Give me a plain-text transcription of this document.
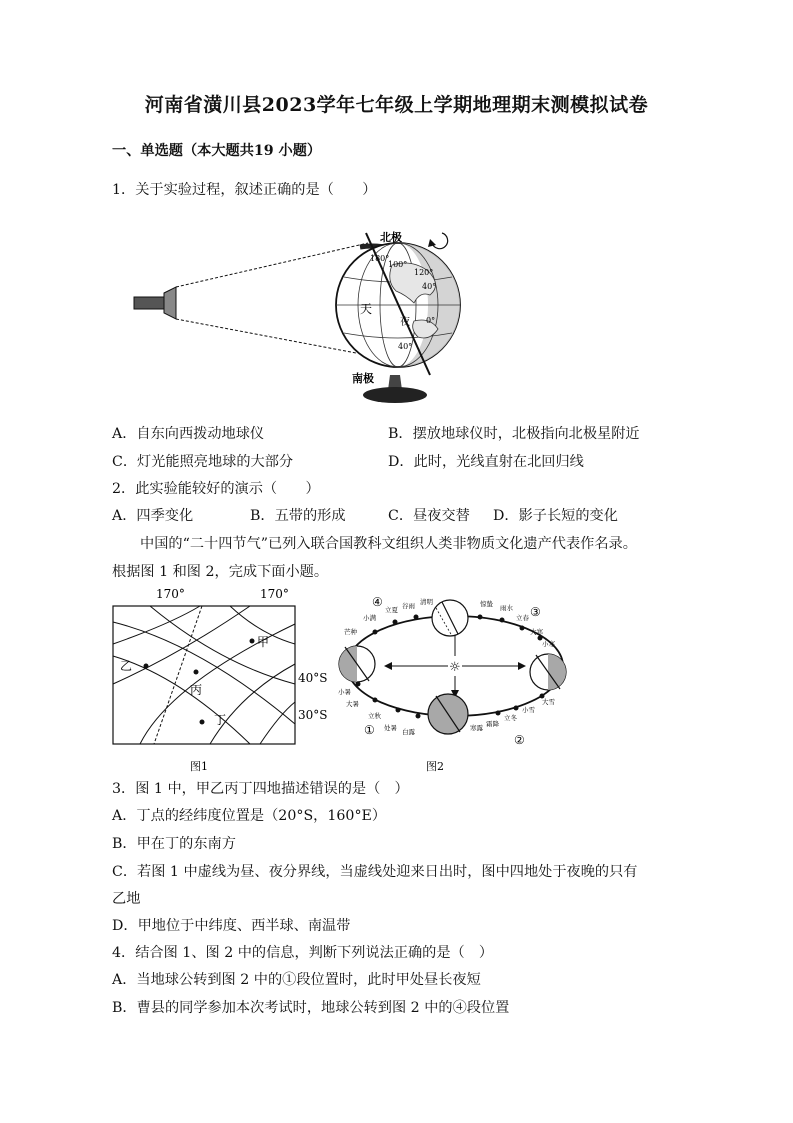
河南省潢川县2023学年七年级上学期地理期末测模拟试卷
一、单选题（本大题共19 小题）
1．关于实验过程，叙述正确的是（　　）
北极
南极
180°
100°
120°
40°
0°
40°
天
夜
A．自东向西拨动地球仪	B．摆放地球仪时，北极指向北极星附近
C．灯光能照亮地球的大部分	D．此时，光线直射在北回归线
2．此实验能较好的演示（　　）
A．四季变化	B．五带的形成	C．昼夜交替 D．影子长短的变化
中国的“二十四节气”已列入联合国教科文组织人类非物质文化遗产代表作名录。
根据图 1 和图 2，完成下面小题。
170°	170°
甲
乙
丙
丁
40°S
30°S
图1
☼
④
③
①
②
小满
立夏 谷雨 清明	惊蛰 雨水
立春
大寒
小寒
芒种
小暑
大暑
立秋
处暑 白露	寒露 霜降
立冬
小雪
大雪
图2
3．图 1 中，甲乙丙丁四地描述错误的是（　）
A．丁点的经纬度位置是（20°S，160°E）
B．甲在丁的东南方
C．若图 1 中虚线为昼、夜分界线，当虚线处迎来日出时，图中四地处于夜晚的只有
乙地
D．甲地位于中纬度、西半球、南温带
4．结合图 1、图 2 中的信息，判断下列说法正确的是（　）
A．当地球公转到图 2 中的①段位置时，此时甲处昼长夜短
B．曹县的同学参加本次考试时，地球公转到图 2 中的④段位置
